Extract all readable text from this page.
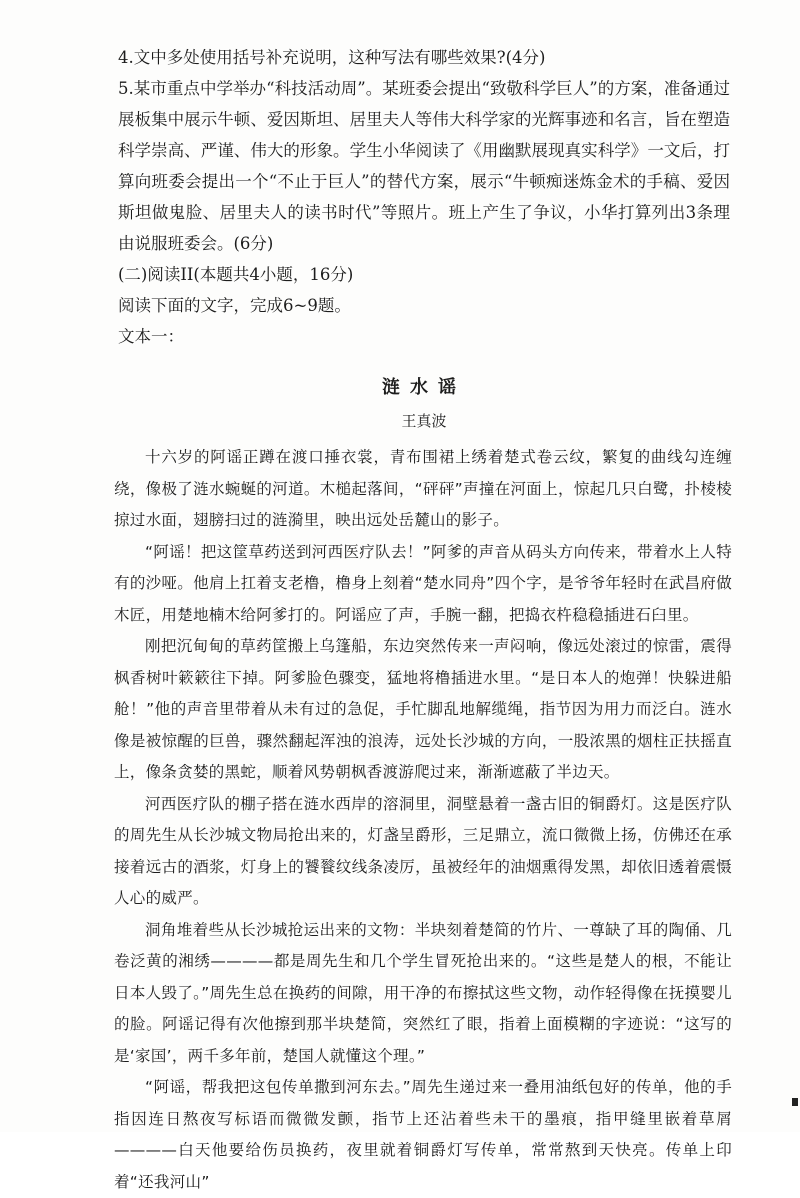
4.文中多处使用括号补充说明，这种写法有哪些效果?(4分)

5.某市重点中学举办“科技活动周”。某班委会提出“致敬科学巨人”的方案，准备通过展板集中展示牛顿、爱因斯坦、居里夫人等伟大科学家的光辉事迹和名言，旨在塑造科学崇高、严谨、伟大的形象。学生小华阅读了《用幽默展现真实科学》一文后，打算向班委会提出一个“不止于巨人”的替代方案，展示“牛顿痴迷炼金术的手稿、爱因斯坦做鬼脸、居里夫人的读书时代”等照片。班上产生了争议，小华打算列出3条理由说服班委会。(6分)

(二)阅读II(本题共4小题，16分)

阅读下面的文字，完成6~9题。

文本一：

涟水谣
王真波

十六岁的阿谣正蹲在渡口捶衣裳，青布围裙上绣着楚式卷云纹，繁复的曲线勾连缠绕，像极了涟水蜿蜒的河道。木槌起落间，“砰砰”声撞在河面上，惊起几只白鹭，扑棱棱掠过水面，翅膀扫过的涟漪里，映出远处岳麓山的影子。

“阿谣！把这筐草药送到河西医疗队去！”阿爹的声音从码头方向传来，带着水上人特有的沙哑。他肩上扛着支老橹，橹身上刻着“楚水同舟”四个字，是爷爷年轻时在武昌府做木匠，用楚地楠木给阿爹打的。阿谣应了声，手腕一翻，把捣衣杵稳稳插进石臼里。

刚把沉甸甸的草药筐搬上乌篷船，东边突然传来一声闷响，像远处滚过的惊雷，震得枫香树叶簌簌往下掉。阿爹脸色骤变，猛地将橹插进水里。“是日本人的炮弹！快躲进船舱！”他的声音里带着从未有过的急促，手忙脚乱地解缆绳，指节因为用力而泛白。涟水像是被惊醒的巨兽，骤然翻起浑浊的浪涛，远处长沙城的方向，一股浓黑的烟柱正扶摇直上，像条贪婪的黑蛇，顺着风势朝枫香渡游爬过来，渐渐遮蔽了半边天。

河西医疗队的棚子搭在涟水西岸的溶洞里，洞壁悬着一盏古旧的铜爵灯。这是医疗队的周先生从长沙城文物局抢出来的，灯盏呈爵形，三足鼎立，流口微微上扬，仿佛还在承接着远古的酒浆，灯身上的饕餮纹线条凌厉，虽被经年的油烟熏得发黑，却依旧透着震慑人心的威严。

洞角堆着些从长沙城抢运出来的文物：半块刻着楚简的竹片、一尊缺了耳的陶俑、几卷泛黄的湘绣————都是周先生和几个学生冒死抢出来的。“这些是楚人的根，不能让日本人毁了。”周先生总在换药的间隙，用干净的布擦拭这些文物，动作轻得像在抚摸婴儿的脸。阿谣记得有次他擦到那半块楚简，突然红了眼，指着上面模糊的字迹说：“这写的是‘家国’，两千多年前，楚国人就懂这个理。”

“阿谣，帮我把这包传单撒到河东去。”周先生递过来一叠用油纸包好的传单，他的手指因连日熬夜写标语而微微发颤，指节上还沾着些未干的墨痕，指甲缝里嵌着草屑————白天他要给伤员换药，夜里就着铜爵灯写传单，常常熬到天快亮。传单上印着“还我河山”
